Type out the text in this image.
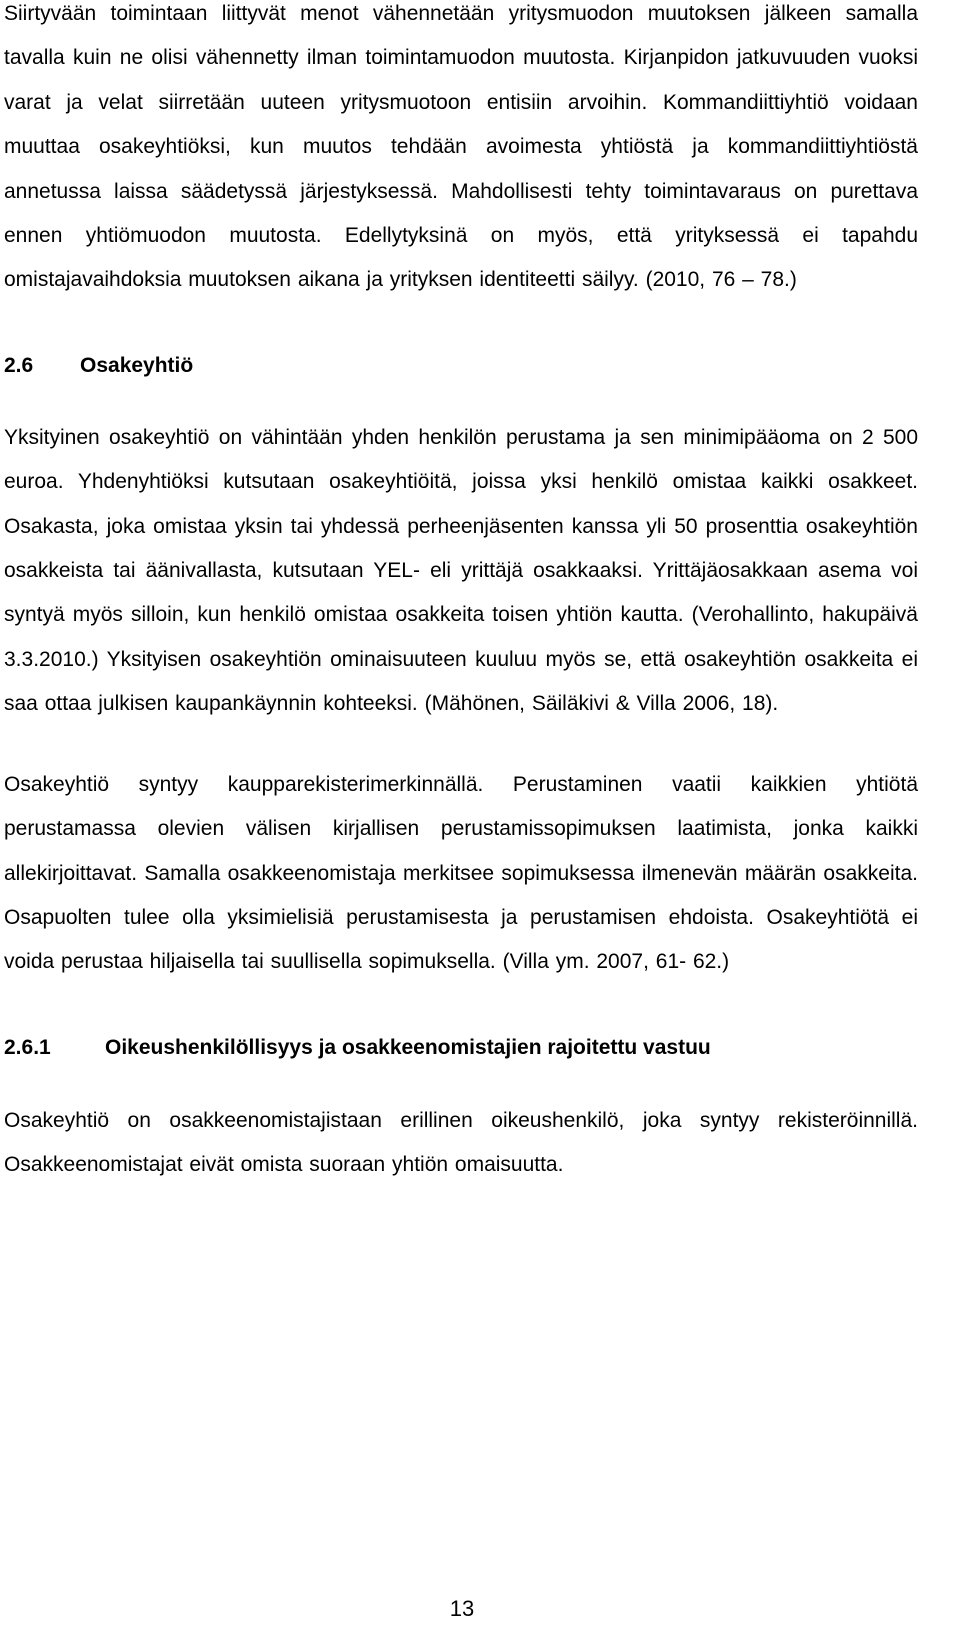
Siirtyvään toimintaan liittyvät menot vähennetään yritysmuodon muutoksen jälkeen samalla tavalla kuin ne olisi vähennetty ilman toimintamuodon muutosta. Kirjanpidon jatkuvuuden vuoksi varat ja velat siirretään uuteen yritysmuotoon entisiin arvoihin. Kommandiittiyhtiö voidaan muuttaa osakeyhtiöksi, kun muutos tehdään avoimesta yhtiöstä ja kommandiittiyhtiöstä annetussa laissa säädetyssä järjestyksessä. Mahdollisesti tehty toimintavaraus on purettava ennen yhtiömuodon muutosta. Edellytyksinä on myös, että yrityksessä ei tapahdu omistajavaihdoksia muutoksen aikana ja yrityksen identiteetti säilyy. (2010, 76 – 78.)

2.6 Osakeyhtiö

Yksityinen osakeyhtiö on vähintään yhden henkilön perustama ja sen minimipääoma on 2 500 euroa. Yhdenyhtiöksi kutsutaan osakeyhtiöitä, joissa yksi henkilö omistaa kaikki osakkeet. Osakasta, joka omistaa yksin tai yhdessä perheenjäsenten kanssa yli 50 prosenttia osakeyhtiön osakkeista tai äänivallasta, kutsutaan YEL- eli yrittäjä osakkaaksi. Yrittäjäosakkaan asema voi syntyä myös silloin, kun henkilö omistaa osakkeita toisen yhtiön kautta. (Verohallinto, hakupäivä 3.3.2010.) Yksityisen osakeyhtiön ominaisuuteen kuuluu myös se, että osakeyhtiön osakkeita ei saa ottaa julkisen kaupankäynnin kohteeksi. (Mähönen, Säiläkivi & Villa 2006, 18).

Osakeyhtiö syntyy kaupparekisterimerkinnällä. Perustaminen vaatii kaikkien yhtiötä perustamassa olevien välisen kirjallisen perustamissopimuksen laatimista, jonka kaikki allekirjoittavat. Samalla osakkeenomistaja merkitsee sopimuksessa ilmenevän määrän osakkeita. Osapuolten tulee olla yksimielisiä perustamisesta ja perustamisen ehdoista. Osakeyhtiötä ei voida perustaa hiljaisella tai suullisella sopimuksella. (Villa ym. 2007, 61- 62.)

2.6.1	Oikeushenkilöllisyys ja osakkeenomistajien rajoitettu vastuu

Osakeyhtiö on osakkeenomistajistaan erillinen oikeushenkilö, joka syntyy rekisteröinnillä. Osakkeenomistajat eivät omista suoraan yhtiön omaisuutta.

13
